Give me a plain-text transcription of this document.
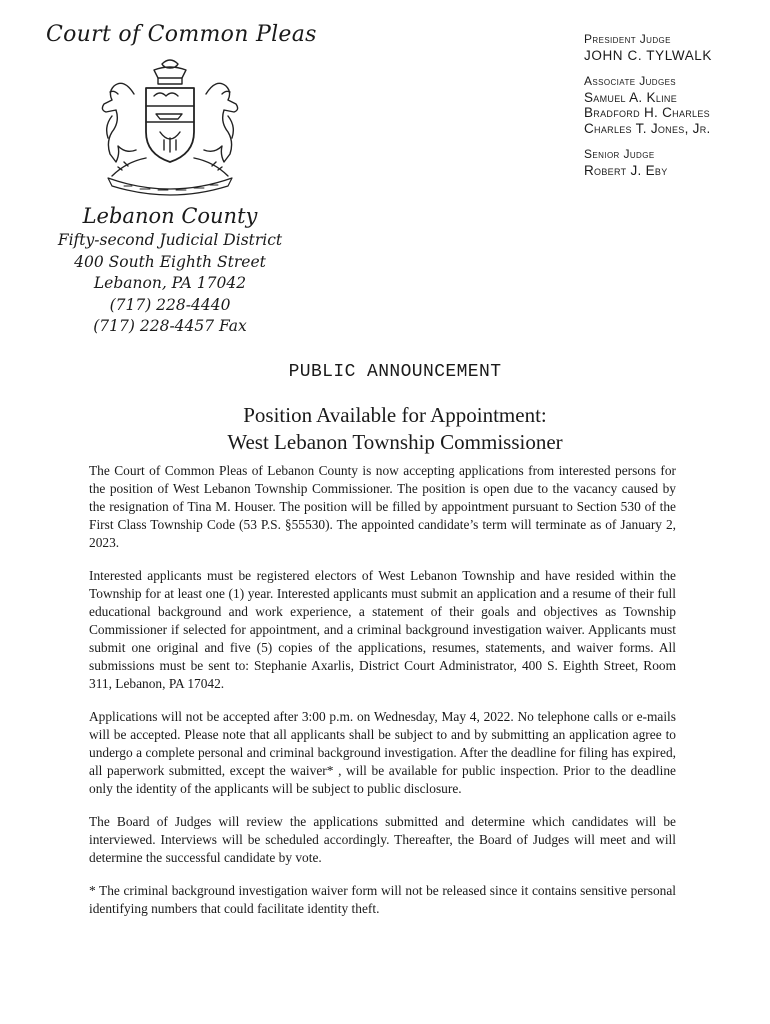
Court of Common Pleas
Lebanon County
Fifty-second Judicial District
400 South Eighth Street
Lebanon, PA 17042
(717) 228-4440
(717) 228-4457 Fax
President Judge
JOHN C. TYLWALK
Associate Judges
Samuel A. Kline
Bradford H. Charles
Charles T. Jones, Jr.
Senior Judge
Robert J. Eby
PUBLIC ANNOUNCEMENT
Position Available for Appointment:
West Lebanon Township Commissioner

The Court of Common Pleas of Lebanon County is now accepting applications from interested persons for the position of West Lebanon Township Commissioner. The position is open due to the vacancy caused by the resignation of Tina M. Houser. The position will be filled by appointment pursuant to Section 530 of the First Class Township Code (53 P.S. §55530). The appointed candidate’s term will terminate as of January 2, 2023.

Interested applicants must be registered electors of West Lebanon Township and have resided within the Township for at least one (1) year. Interested applicants must submit an application and a resume of their full educational background and work experience, a statement of their goals and objectives as Township Commissioner if selected for appointment, and a criminal background investigation waiver. Applicants must submit one original and five (5) copies of the applications, resumes, statements, and waiver forms. All submissions must be sent to: Stephanie Axarlis, District Court Administrator, 400 S. Eighth Street, Room 311, Lebanon, PA 17042.

Applications will not be accepted after 3:00 p.m. on Wednesday, May 4, 2022. No telephone calls or e-mails will be accepted. Please note that all applicants shall be subject to and by submitting an application agree to undergo a complete personal and criminal background investigation. After the deadline for filing has expired, all paperwork submitted, except the waiver* , will be available for public inspection. Prior to the deadline only the identity of the applicants will be subject to public disclosure.

The Board of Judges will review the applications submitted and determine which candidates will be interviewed. Interviews will be scheduled accordingly. Thereafter, the Board of Judges will meet and will determine the successful candidate by vote.

* The criminal background investigation waiver form will not be released since it contains sensitive personal identifying numbers that could facilitate identity theft.
